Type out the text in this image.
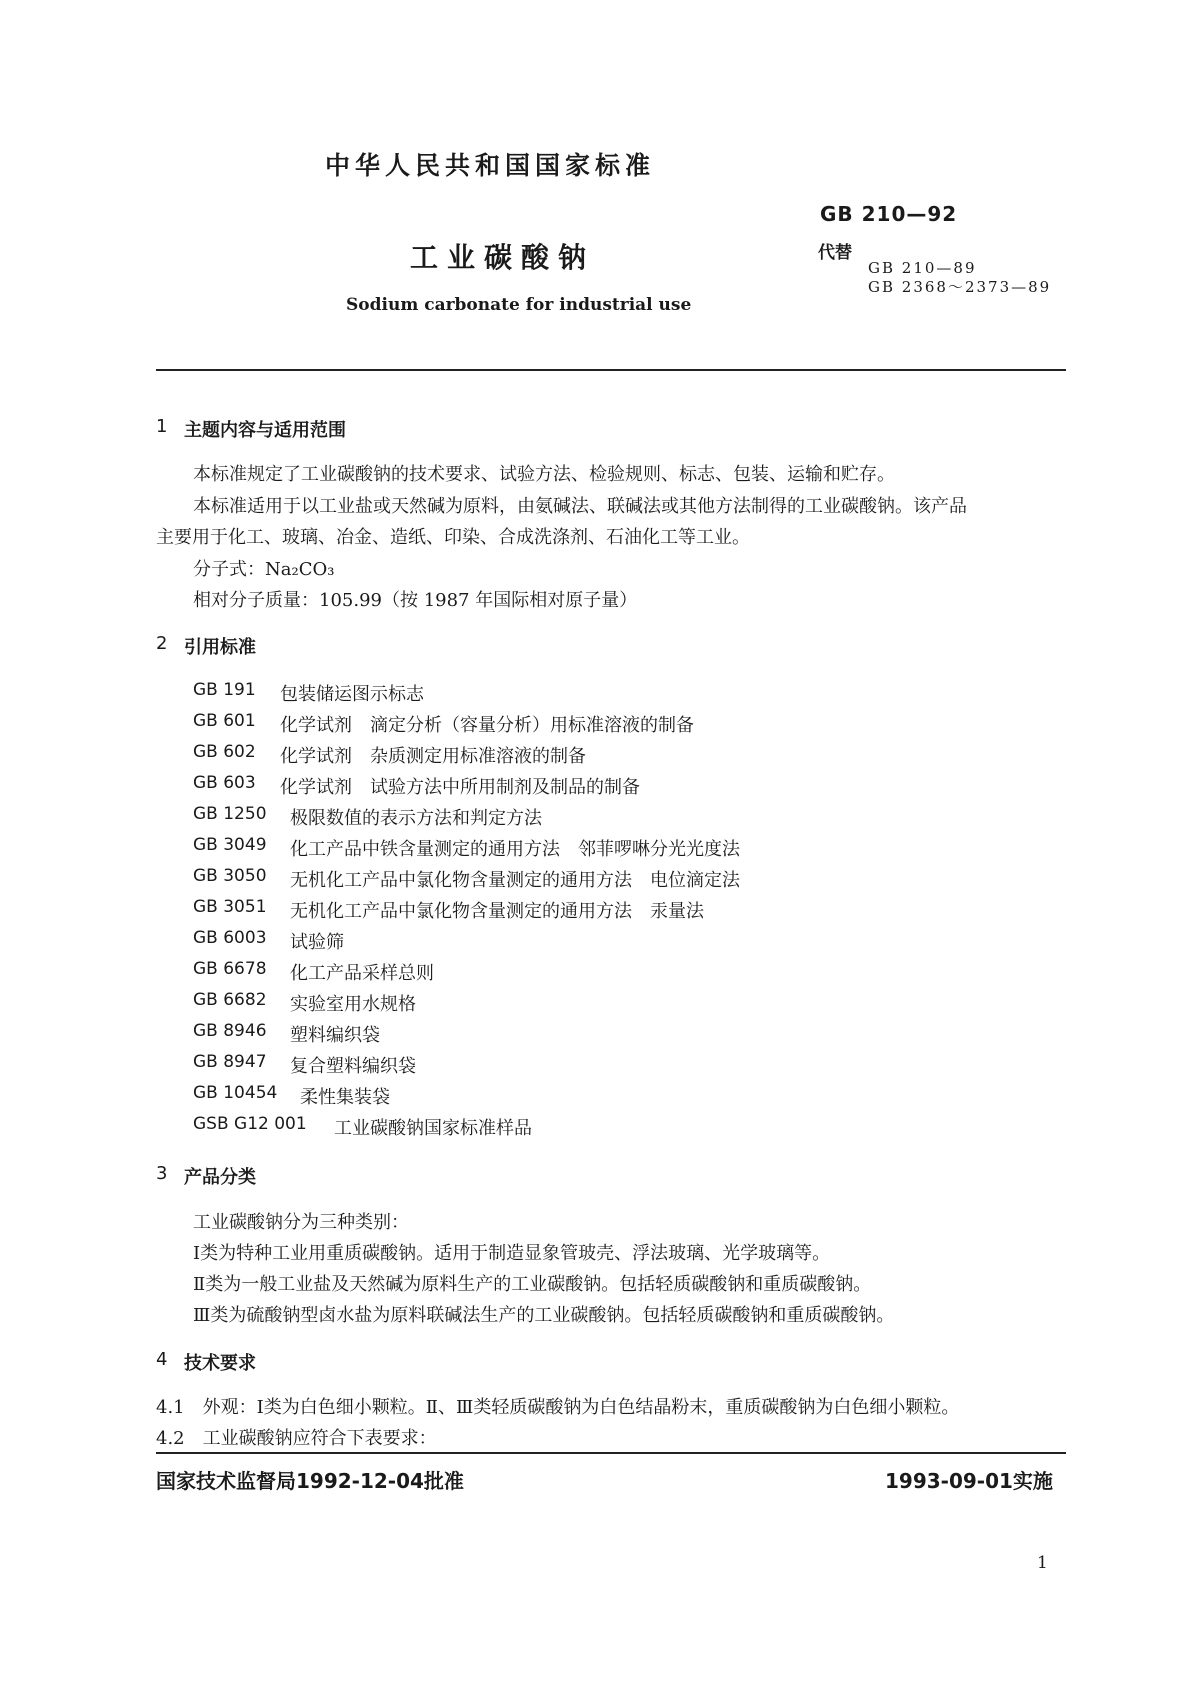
中华人民共和国国家标准
GB 210—92
工业碳酸钠	代替
GB 210—89
GB 2368～2373—89
Sodium carbonate for industrial use
1 主题内容与适用范围
本标准规定了工业碳酸钠的技术要求、试验方法、检验规则、标志、包装、运输和贮存。
本标准适用于以工业盐或天然碱为原料，由氨碱法、联碱法或其他方法制得的工业碳酸钠。该产品
主要用于化工、玻璃、冶金、造纸、印染、合成洗涤剂、石油化工等工业。
分子式：Na₂CO₃
相对分子质量：105.99（按 1987 年国际相对原子量）
2 引用标准
GB 191 包装储运图示标志
GB 601 化学试剂　滴定分析（容量分析）用标准溶液的制备
GB 602 化学试剂　杂质测定用标准溶液的制备
GB 603 化学试剂　试验方法中所用制剂及制品的制备
GB 1250 极限数值的表示方法和判定方法
GB 3049 化工产品中铁含量测定的通用方法　邻菲啰啉分光光度法
GB 3050 无机化工产品中氯化物含量测定的通用方法　电位滴定法
GB 3051 无机化工产品中氯化物含量测定的通用方法　汞量法
GB 6003 试验筛
GB 6678 化工产品采样总则
GB 6682 实验室用水规格
GB 8946 塑料编织袋
GB 8947 复合塑料编织袋
GB 10454 柔性集装袋
GSB G12 001 工业碳酸钠国家标准样品
3 产品分类
工业碳酸钠分为三种类别：
Ⅰ类为特种工业用重质碳酸钠。适用于制造显象管玻壳、浮法玻璃、光学玻璃等。
Ⅱ类为一般工业盐及天然碱为原料生产的工业碳酸钠。包括轻质碳酸钠和重质碳酸钠。
Ⅲ类为硫酸钠型卤水盐为原料联碱法生产的工业碳酸钠。包括轻质碳酸钠和重质碳酸钠。
4 技术要求
4.1　外观：Ⅰ类为白色细小颗粒。Ⅱ、Ⅲ类轻质碳酸钠为白色结晶粉末，重质碳酸钠为白色细小颗粒。
4.2　工业碳酸钠应符合下表要求：
国家技术监督局1992-12-04批准	1993-09-01实施
1
